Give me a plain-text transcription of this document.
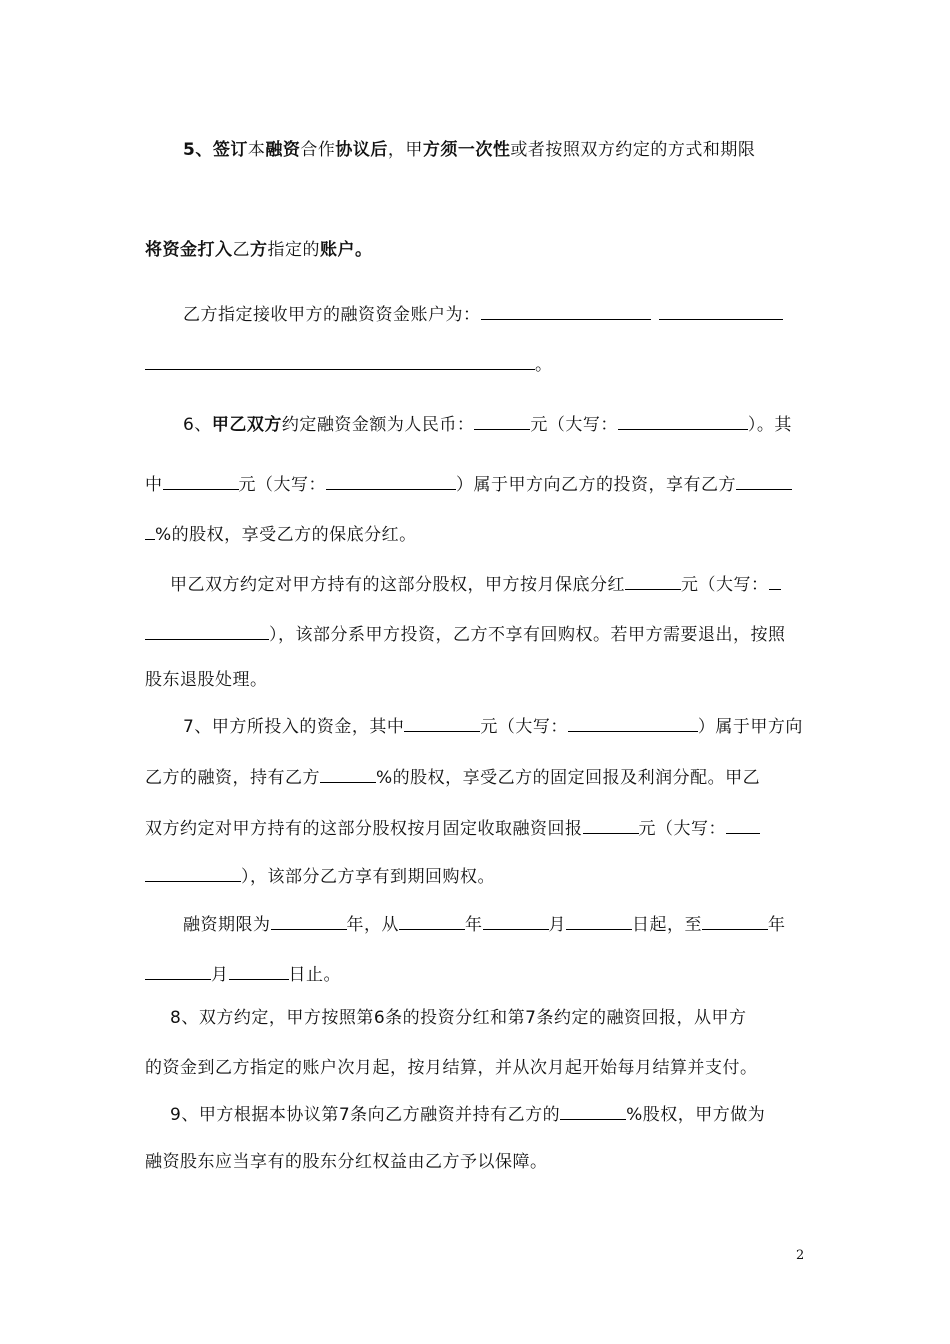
5、签订本融资合作协议后，甲方须一次性或者按照双方约定的方式和期限
将资金打入乙方指定的账户。
乙方指定接收甲方的融资资金账户为：
。
6、甲乙双方约定融资金额为人民币：	元（大写：	）。其
中	元（大写：	）属于甲方向乙方的投资，享有乙方
%的股权，享受乙方的保底分红。
甲乙双方约定对甲方持有的这部分股权，甲方按月保底分红	元（大写：
），该部分系甲方投资，乙方不享有回购权。若甲方需要退出，按照
股东退股处理。
7、甲方所投入的资金，其中	元（大写：	）属于甲方向
乙方的融资，持有乙方	%的股权，享受乙方的固定回报及利润分配。甲乙
双方约定对甲方持有的这部分股权按月固定收取融资回报	元（大写：
），该部分乙方享有到期回购权。
融资期限为	年，从	年	月	日起，至	年
月	日止。
8、双方约定，甲方按照第6条的投资分红和第7条约定的融资回报，从甲方
的资金到乙方指定的账户次月起，按月结算，并从次月起开始每月结算并支付。
9、甲方根据本协议第7条向乙方融资并持有乙方的	%股权，甲方做为
融资股东应当享有的股东分红权益由乙方予以保障。
2
